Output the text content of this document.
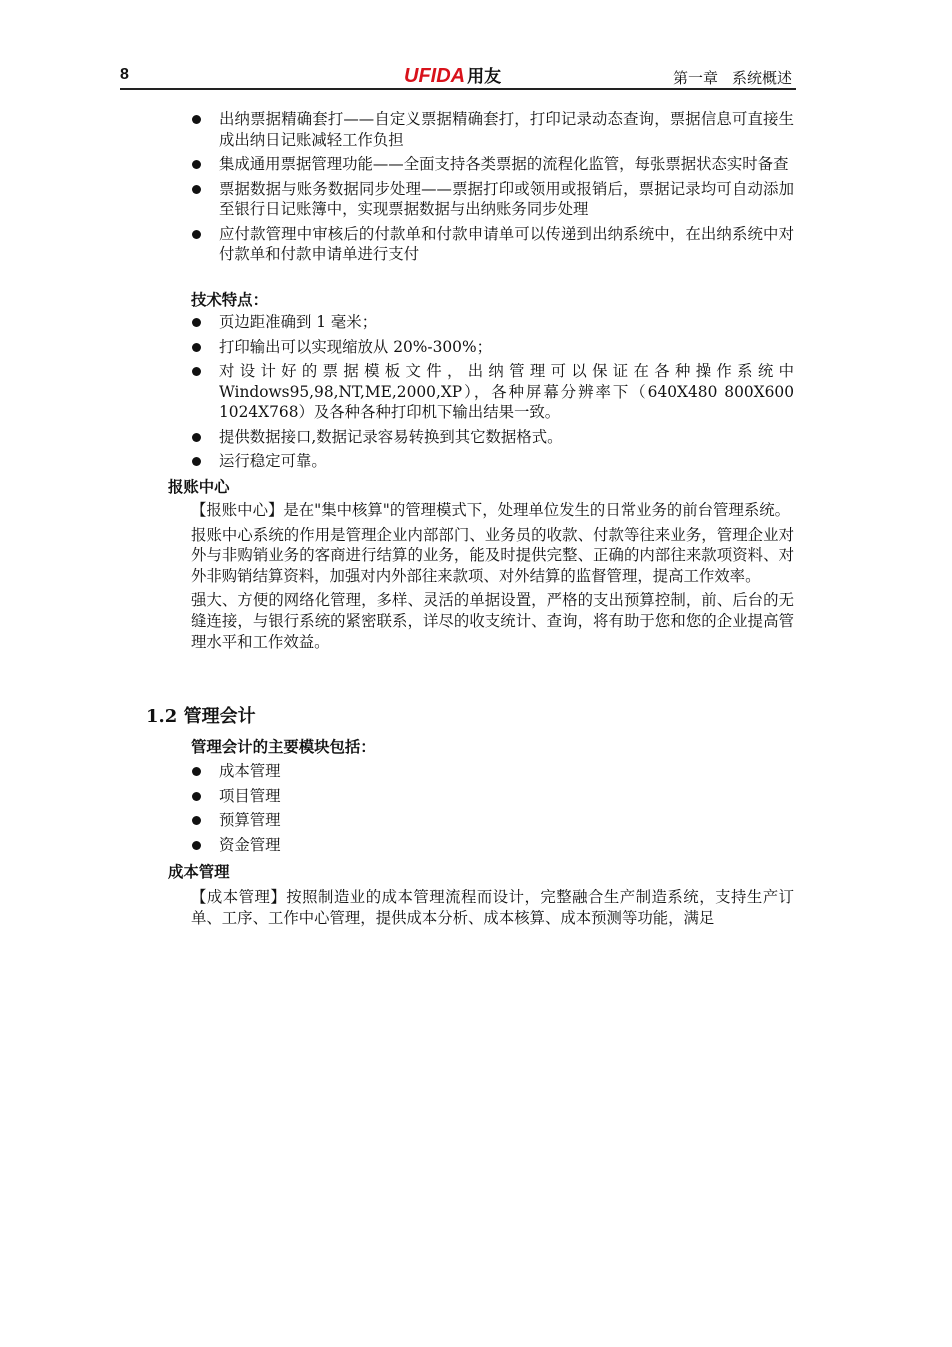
8	UFIDA 用友	第一章 系统概述
出纳票据精确套打——自定义票据精确套打，打印记录动态查询，票据信息可直接生成出纳日记账减轻工作负担
集成通用票据管理功能——全面支持各类票据的流程化监管，每张票据状态实时备查
票据数据与账务数据同步处理——票据打印或领用或报销后，票据记录均可自动添加至银行日记账簿中，实现票据数据与出纳账务同步处理
应付款管理中审核后的付款单和付款申请单可以传递到出纳系统中，在出纳系统中对付款单和付款申请单进行支付
技术特点：
页边距准确到 1 毫米；
打印输出可以实现缩放从 20%-300%；
对设计好的票据模板文件，出纳管理可以保证在各种操作系统中Windows95,98,NT,ME,2000,XP），各种屏幕分辨率下（640X480 800X600 1024X768）及各种各种打印机下输出结果一致。
提供数据接口,数据记录容易转换到其它数据格式。
运行稳定可靠。
报账中心

【报账中心】是在"集中核算"的管理模式下，处理单位发生的日常业务的前台管理系统。

报账中心系统的作用是管理企业内部部门、业务员的收款、付款等往来业务，管理企业对外与非购销业务的客商进行结算的业务，能及时提供完整、正确的内部往来款项资料、对外非购销结算资料，加强对内外部往来款项、对外结算的监督管理，提高工作效率。

强大、方便的网络化管理，多样、灵活的单据设置，严格的支出预算控制，前、后台的无缝连接，与银行系统的紧密联系，详尽的收支统计、查询，将有助于您和您的企业提高管理水平和工作效益。

1.2 管理会计
管理会计的主要模块包括：
成本管理
项目管理
预算管理
资金管理
成本管理

【成本管理】按照制造业的成本管理流程而设计，完整融合生产制造系统，支持生产订单、工序、工作中心管理，提供成本分析、成本核算、成本预测等功能，满足
